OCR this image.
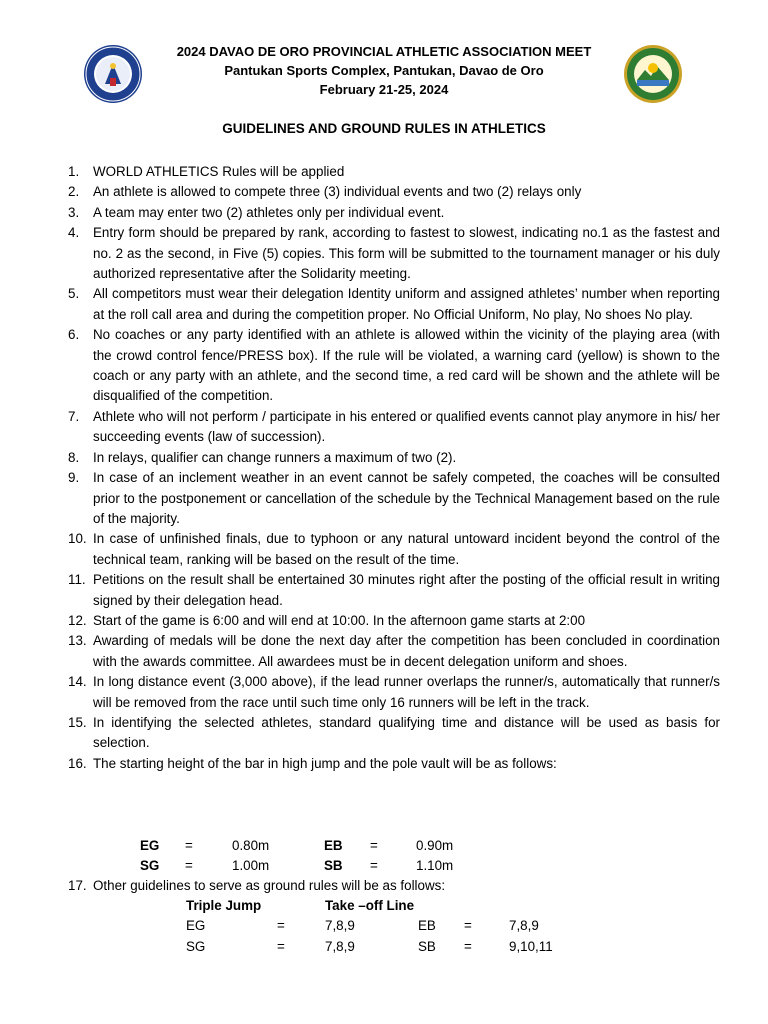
2024 DAVAO DE ORO PROVINCIAL ATHLETIC ASSOCIATION MEET
Pantukan Sports Complex, Pantukan, Davao de Oro
February 21-25, 2024
GUIDELINES AND GROUND RULES IN ATHLETICS
1.	WORLD ATHLETICS Rules will be applied
2.	An athlete is allowed to compete three (3) individual events and two (2) relays only
3.	A team may enter two (2) athletes only per individual event.
4.	Entry form should be prepared by rank, according to fastest to slowest, indicating no.1 as the fastest and no. 2 as the second, in Five (5) copies. This form will be submitted to the tournament manager or his duly authorized representative after the Solidarity meeting.
5.	All competitors must wear their delegation Identity uniform and assigned athletes’ number when reporting at the roll call area and during the competition proper. No Official Uniform, No play, No shoes No play.
6.	No coaches or any party identified with an athlete is allowed within the vicinity of the playing area (with the crowd control fence/PRESS box). If the rule will be violated, a warning card (yellow) is shown to the coach or any party with an athlete, and the second time, a red card will be shown and the athlete will be disqualified of the competition.
7.	Athlete who will not perform / participate in his entered or qualified events cannot play anymore in his/ her succeeding events (law of succession).
8.	In relays, qualifier can change runners a maximum of two (2).
9.	In case of an inclement weather in an event cannot be safely competed, the coaches will be consulted prior to the postponement or cancellation of the schedule by the Technical Management based on the rule of the majority.
10. In case of unfinished finals, due to typhoon or any natural untoward incident beyond the control of the technical team, ranking will be based on the result of the time.
11. Petitions on the result shall be entertained 30 minutes right after the posting of the official result in writing signed by their delegation head.
12. Start of the game is 6:00 and will end at 10:00. In the afternoon game starts at 2:00
13. Awarding of medals will be done the next day after the competition has been concluded in coordination with the awards committee. All awardees must be in decent delegation uniform and shoes.
14. In long distance event (3,000 above), if the lead runner overlaps the runner/s, automatically that runner/s will be removed from the race until such time only 16 runners will be left in the track.
15. In identifying the selected athletes, standard qualifying time and distance will be used as basis for selection.
16. The starting height of the bar in high jump and the pole vault will be as follows:
EG	=	0.80m	EB	=	0.90m
SG	=	1.00m	SB	=	1.10m
17. Other guidelines to serve as ground rules will be as follows:
Triple Jump	Take –off Line
EG	=	7,8,9	EB	=	7,8,9
SG	=	7,8,9	SB	=	9,10,11
